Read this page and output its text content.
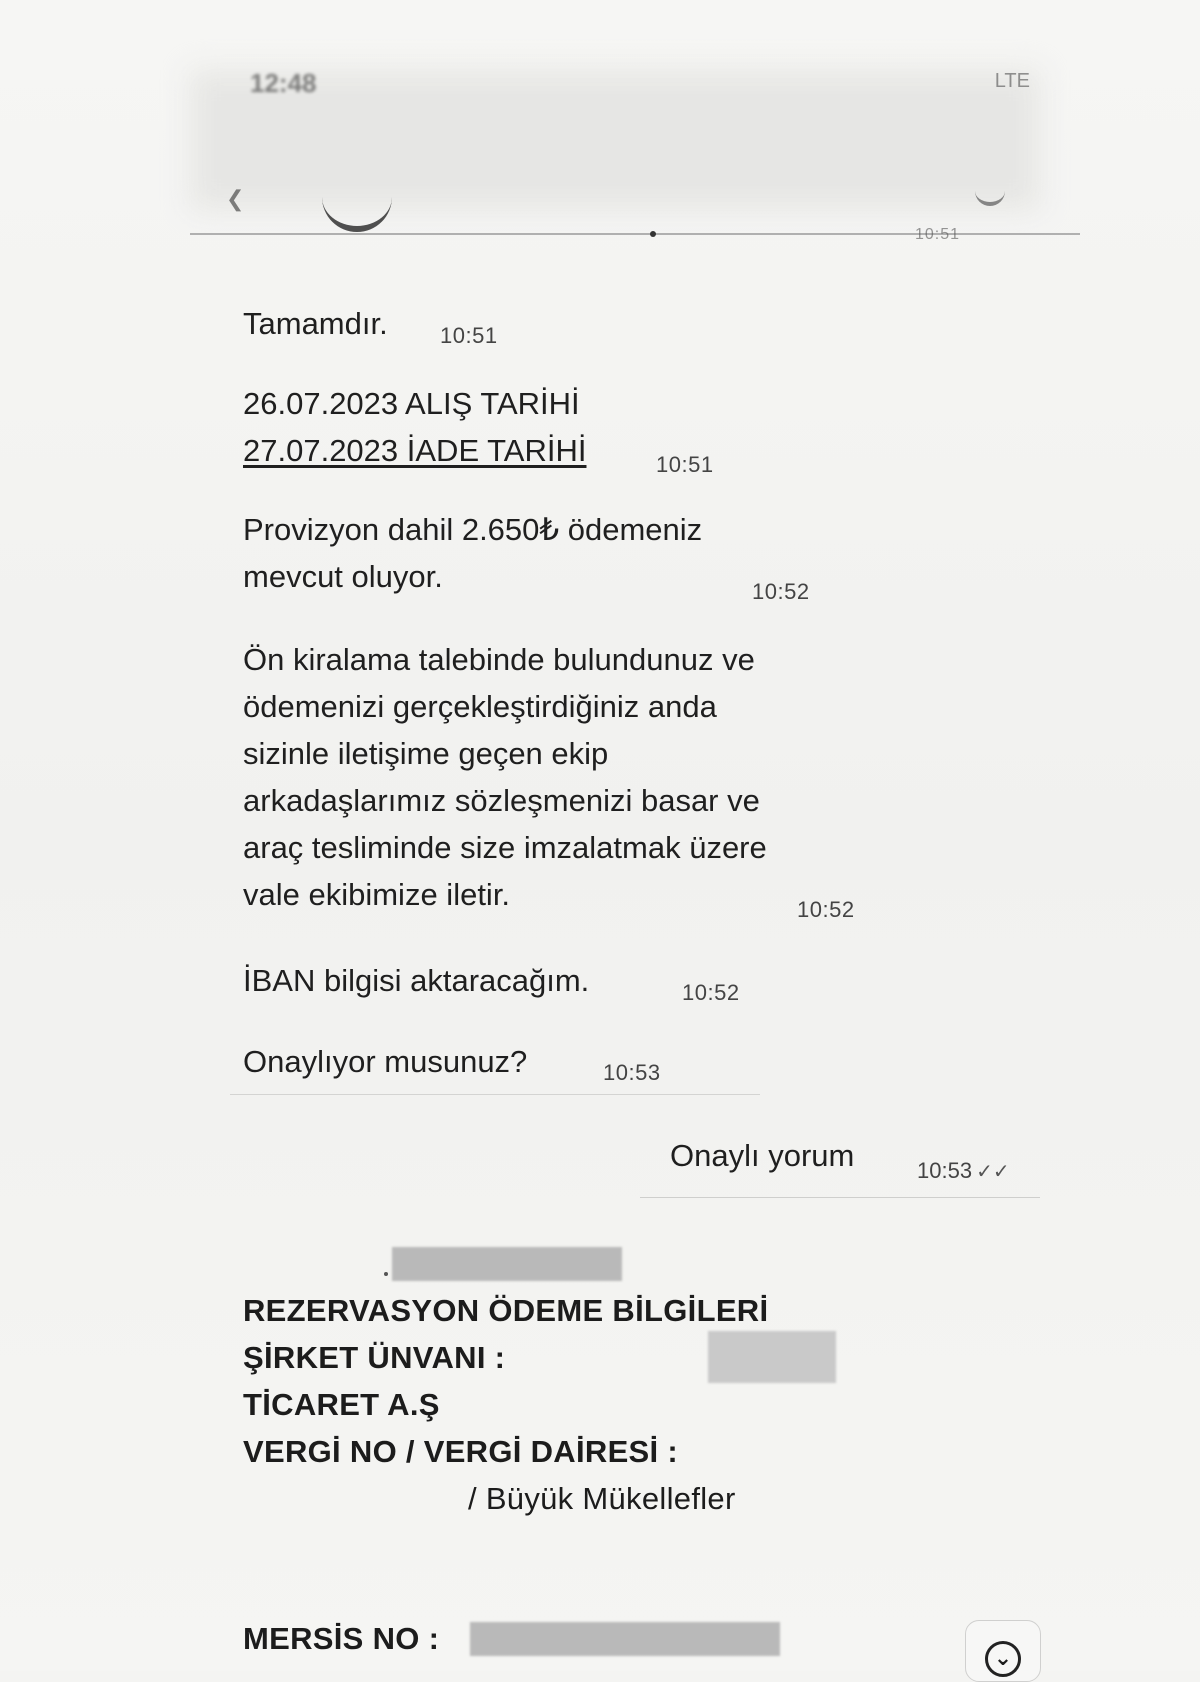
12:48	LTE
❮
10:51
Tamamdır. 10:51
26.07.2023 ALIŞ TARİHİ
27.07.2023 İADE TARİHİ	10:51
Provizyon dahil 2.650₺ ödemeniz
mevcut oluyor.	10:52
Ön kiralama talebinde bulundunuz ve
ödemenizi gerçekleştirdiğiniz anda
sizinle iletişime geçen ekip
arkadaşlarımız sözleşmenizi basar ve
araç tesliminde size imzalatmak üzere
vale ekibimize iletir.	10:52
İBAN bilgisi aktaracağım.	10:52
Onaylıyor musunuz?	10:53
Onaylı yorum	10:53 ✓✓
REZERVASYON ÖDEME BİLGİLERİ
ŞİRKET ÜNVANI :
TİCARET A.Ş
VERGİ NO / VERGİ DAİRESİ :
/ Büyük Mükellefler
MERSİS NO :
⌄
